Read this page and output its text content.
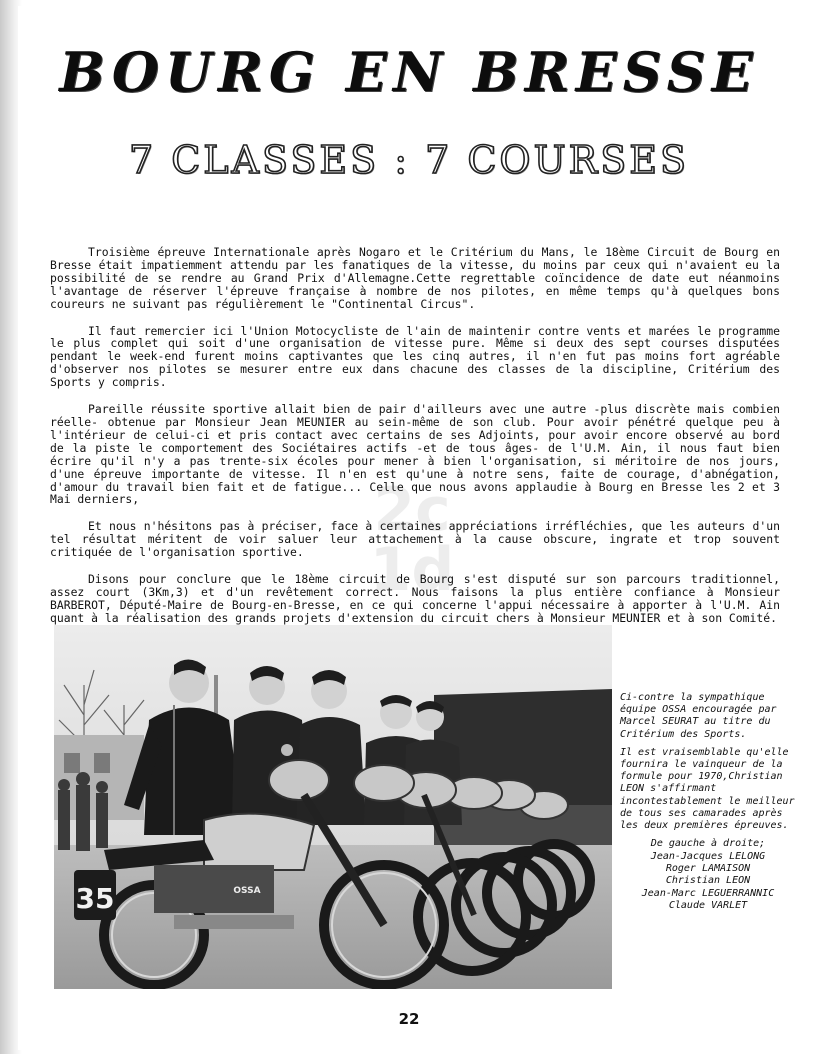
BOURG EN BRESSE
7 CLASSES : 7 COURSES

Troisième épreuve Internationale après Nogaro et le Critérium du Mans, le 18ème Circuit de Bourg en Bresse était impatiemment attendu par les fanatiques de la vitesse, du moins par ceux qui n'avaient eu la possibilité de se rendre au Grand Prix d'Allemagne.Cette regrettable coïncidence de date eut néanmoins l'avantage de réserver l'épreuve française à nombre de nos pilotes, en même temps qu'à quelques bons coureurs ne suivant pas régulièrement le "Continental Circus".

Il faut remercier ici l'Union Motocycliste de l'ain de maintenir contre vents et marées le programme le plus complet qui soit d'une organisation de vitesse pure. Même si deux des sept courses disputées pendant le week-end furent moins captivantes que les cinq autres, il n'en fut pas moins fort agréable d'observer nos pilotes se mesurer entre eux dans chacune des classes de la discipline, Critérium des Sports y compris.

Pareille réussite sportive allait bien de pair d'ailleurs avec une autre -plus discrète mais combien réelle- obtenue par Monsieur Jean MEUNIER au sein-même de son club. Pour avoir pénétré quelque peu à l'intérieur de celui-ci et pris contact avec certains de ses Adjoints, pour avoir encore observé au bord de la piste le comportement des Sociétaires actifs -et de tous âges- de l'U.M. Ain, il nous faut bien écrire qu'il n'y a pas trente-six écoles pour mener à bien l'organisation, si méritoire de nos jours, d'une épreuve importante de vitesse. Il n'en est qu'une à notre sens, faite de courage, d'abnégation, d'amour du travail bien fait et de fatigue... Celle que nous avons applaudie à Bourg en Bresse les 2 et 3 Mai derniers,

Et nous n'hésitons pas à préciser, face à certaines appréciations irréfléchies, que les auteurs d'un tel résultat méritent de voir saluer leur attachement à la cause obscure, ingrate et trop souvent critiquée de l'organisation sportive.

Disons pour conclure que le 18ème circuit de Bourg s'est disputé sur son parcours traditionnel, assez court (3Km,3) et d'un revêtement correct. Nous faisons la plus entière confiance à Monsieur BARBEROT, Député-Maire de Bourg-en-Bresse, en ce qui concerne l'appui nécessaire à apporter à l'U.M. Ain quant à la réalisation des grands projets d'extension du circuit chers à Monsieur MEUNIER et à son Comité.

2c 1d
35	OSSA

Ci-contre la sympathique équipe OSSA encouragée par Marcel SEURAT au titre du Critérium des Sports.

Il est vraisemblable qu'elle fournira le vainqueur de la formule pour 1970,Christian LEON s'affirmant incontestablement le meilleur de tous ses camarades après les deux premières épreuves.

De gauche à droite;
Jean-Jacques LELONG
Roger LAMAISON
Christian LEON
Jean-Marc LEGUERRANNIC
Claude VARLET
22
